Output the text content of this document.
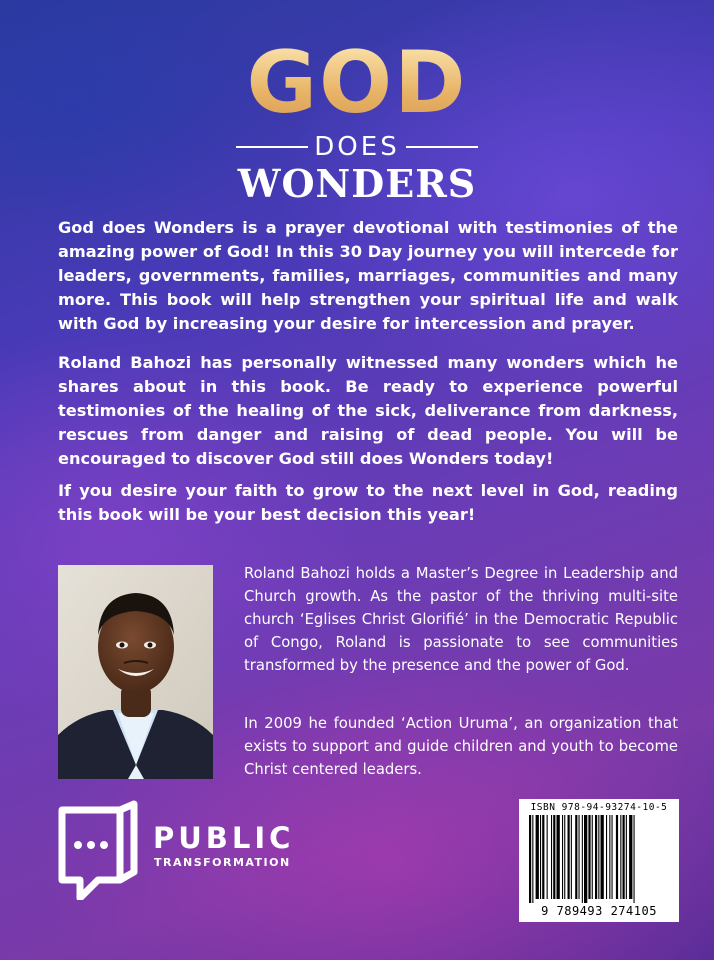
GOD
DOES
WONDERS

God does Wonders is a prayer devotional with testimonies of the amazing power of God! In this 30 Day journey you will intercede for leaders, governments, families, marriages, communities and many more. This book will help strengthen your spiritual life and walk with God by increasing your desire for intercession and prayer.

Roland Bahozi has personally witnessed many wonders which he shares about in this book. Be ready to experience powerful testimonies of the healing of the sick, deliverance from darkness, rescues from danger and raising of dead people. You will be encouraged to discover God still does Wonders today!

If you desire your faith to grow to the next level in God, reading this book will be your best decision this year!

Roland Bahozi holds a Master’s Degree in Leadership and Church growth. As the pastor of the thriving multi-site church ‘Eglises Christ Glorifié’ in the Democratic Republic of Congo, Roland is passionate to see communities transformed by the presence and the power of God.

In 2009 he founded ‘Action Uruma’, an organization that exists to support and guide children and youth to become Christ centered leaders.

PUBLIC
TRANSFORMATION
ISBN 978-94-93274-10-5
9 789493 274105
